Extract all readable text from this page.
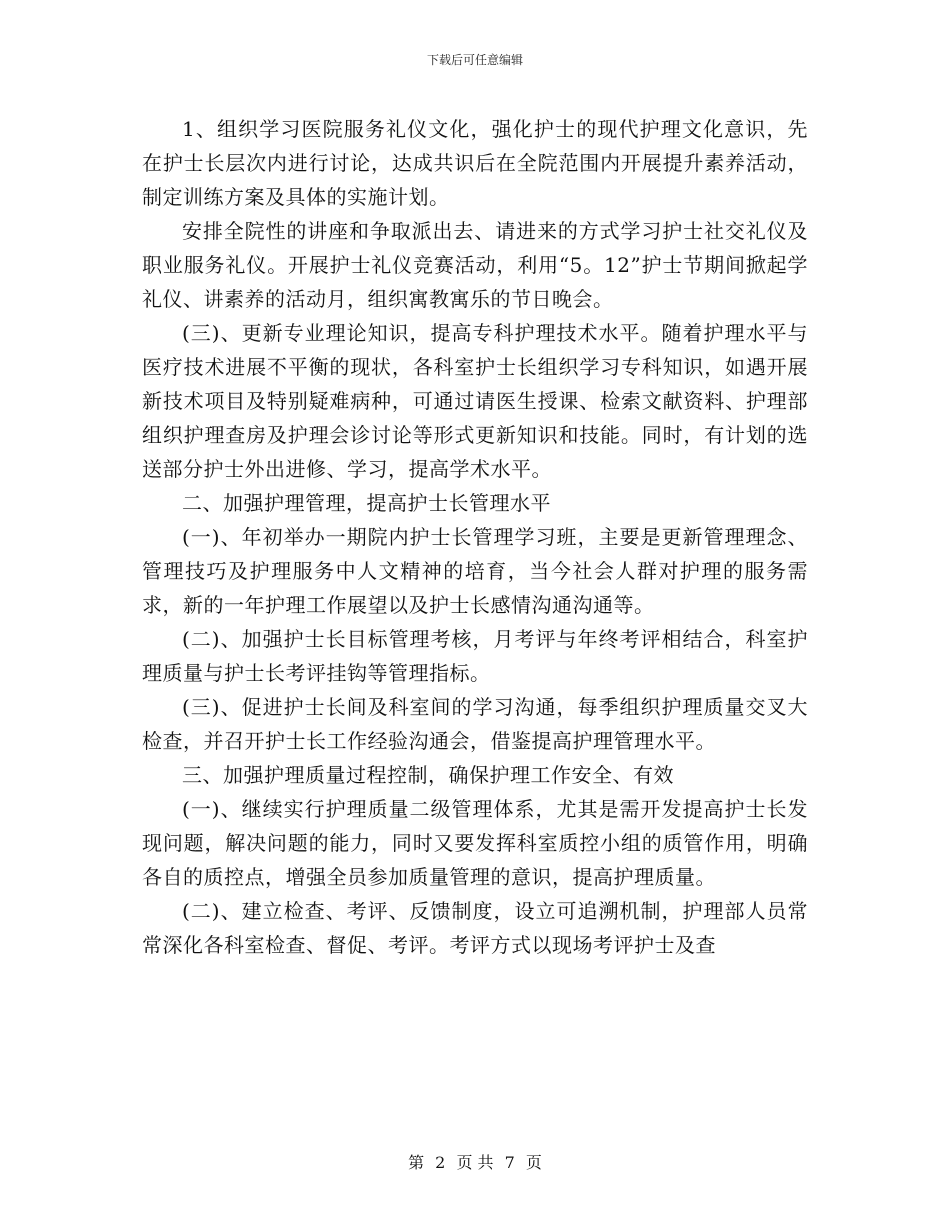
下载后可任意编辑

1、组织学习医院服务礼仪文化，强化护士的现代护理文化意识，先在护士长层次内进行讨论，达成共识后在全院范围内开展提升素养活动，制定训练方案及具体的实施计划。

安排全院性的讲座和争取派出去、请进来的方式学习护士社交礼仪及职业服务礼仪。开展护士礼仪竞赛活动，利用“5。12”护士节期间掀起学礼仪、讲素养的活动月，组织寓教寓乐的节日晚会。

(三)、更新专业理论知识，提高专科护理技术水平。随着护理水平与医疗技术进展不平衡的现状，各科室护士长组织学习专科知识，如遇开展新技术项目及特别疑难病种，可通过请医生授课、检索文献资料、护理部组织护理查房及护理会诊讨论等形式更新知识和技能。同时，有计划的选送部分护士外出进修、学习，提高学术水平。

二、加强护理管理，提高护士长管理水平

(一)、年初举办一期院内护士长管理学习班，主要是更新管理理念、管理技巧及护理服务中人文精神的培育，当今社会人群对护理的服务需求，新的一年护理工作展望以及护士长感情沟通沟通等。

(二)、加强护士长目标管理考核，月考评与年终考评相结合，科室护理质量与护士长考评挂钩等管理指标。

(三)、促进护士长间及科室间的学习沟通，每季组织护理质量交叉大检查，并召开护士长工作经验沟通会，借鉴提高护理管理水平。

三、加强护理质量过程控制，确保护理工作安全、有效

(一)、继续实行护理质量二级管理体系，尤其是需开发提高护士长发现问题，解决问题的能力，同时又要发挥科室质控小组的质管作用，明确各自的质控点，增强全员参加质量管理的意识，提高护理质量。

(二)、建立检查、考评、反馈制度，设立可追溯机制，护理部人员常常深化各科室检查、督促、考评。考评方式以现场考评护士及查

第 2 页 共 7 页
